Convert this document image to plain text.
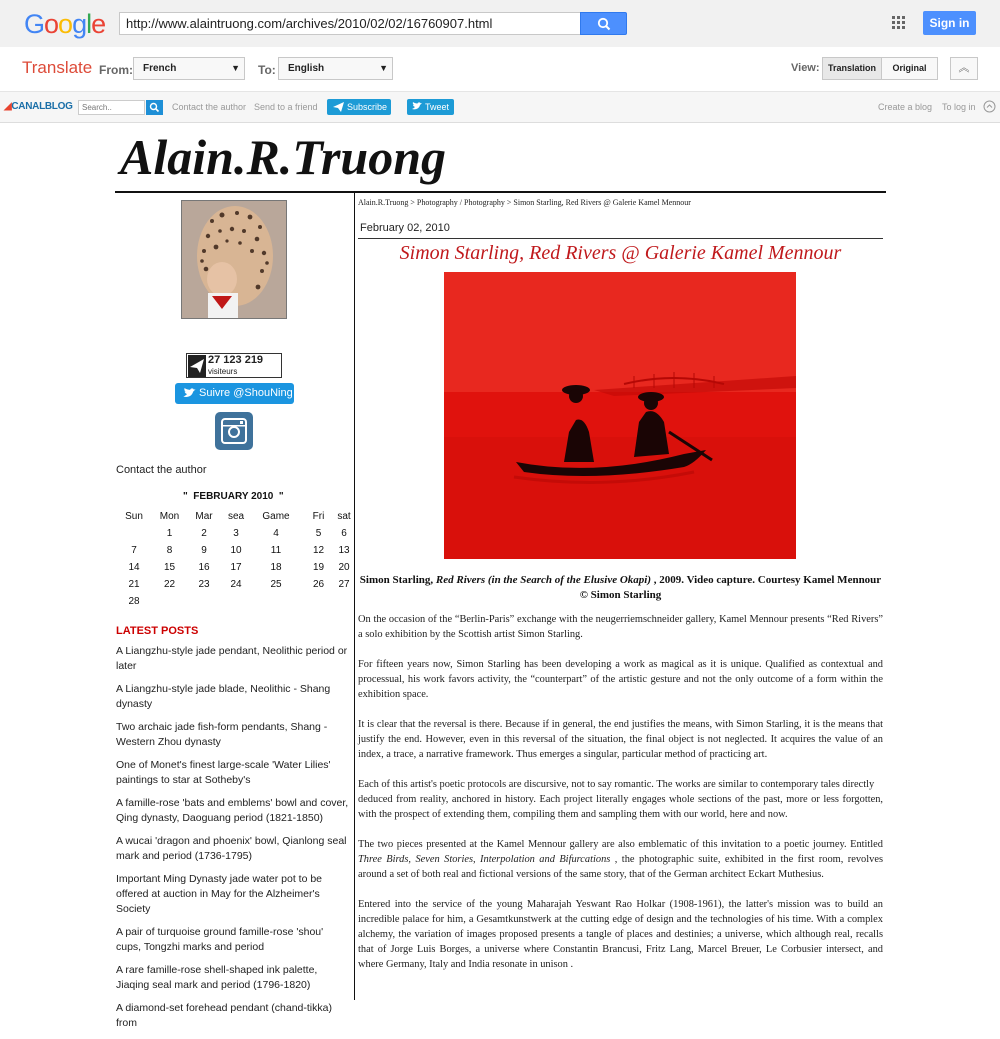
Google	http://www.alaintruong.com/archives/2010/02/02/16760907.html	Sign in
Translate From:	French	▼ To:	English	▼	View: Translation	Original	︽
◢CANALBLOG	Search..	Contact the author Send to a friend	Subscribe	Tweet	Create a blog To log in
Alain.R.Truong
27 123 219
visiteurs
Suivre @ShouNing
Contact the author
"  FEBRUARY 2010  "
Sun	Mon	Mar	sea	Game	Fri	sat
	1	2	3	4	5	6
7	8	9	10	11	12	13
14	15	16	17	18	19	20
21	22	23	24	25	26	27
28						
LATEST POSTS
A Liangzhu-style jade pendant, Neolithic period or later
A Liangzhu-style jade blade, Neolithic - Shang dynasty
Two archaic jade fish-form pendants, Shang - Western Zhou dynasty
One of Monet's finest large-scale 'Water Lilies' paintings to star at Sotheby's
A famille-rose 'bats and emblems' bowl and cover, Qing dynasty, Daoguang period (1821-1850)
A wucai 'dragon and phoenix' bowl, Qianlong seal mark and period (1736-1795)
Important Ming Dynasty jade water pot to be offered at auction in May for the Alzheimer's Society
A pair of turquoise ground famille-rose 'shou' cups, Tongzhi marks and period
A rare famille-rose shell-shaped ink palette, Jiaqing seal mark and period (1796-1820)
A diamond-set forehead pendant (chand-tikka) from
Alain.R.Truong > Photography / Photography > Simon Starling, Red Rivers @ Galerie Kamel Mennour
February 02, 2010
Simon Starling, Red Rivers @ Galerie Kamel Mennour
Simon Starling, Red Rivers (in the Search of the Elusive Okapi) , 2009. Video capture. Courtesy Kamel Mennour © Simon Starling

On the occasion of the “Berlin-Paris” exchange with the neugerriemschneider gallery, Kamel Mennour presents “Red Rivers” a solo exhibition by the Scottish artist Simon Starling.

For fifteen years now, Simon Starling has been developing a work as magical as it is unique. Qualified as contextual and processual, his work favors activity, the “counterpart” of the artistic gesture and not the only outcome of a form within the exhibition space.

It is clear that the reversal is there. Because if in general, the end justifies the means, with Simon Starling, it is the means that justify the end. However, even in this reversal of the situation, the final object is not neglected. It acquires the value of an index, a trace, a narrative framework. Thus emerges a singular, particular method of practicing art.

Each of this artist's poetic protocols are discursive, not to say romantic. The works are similar to contemporary tales directly
deduced from reality, anchored in history. Each project literally engages whole sections of the past, more or less forgotten, with the prospect of extending them, compiling them and sampling them with our world, here and now.

The two pieces presented at the Kamel Mennour gallery are also emblematic of this invitation to a poetic journey. Entitled Three Birds, Seven Stories, Interpolation and Bifurcations , the photographic suite, exhibited in the first room, revolves around a set of both real and fictional versions of the same story, that of the German architect Eckart Muthesius.

Entered into the service of the young Maharajah Yeswant Rao Holkar (1908-1961), the latter's mission was to build an incredible palace for him, a Gesamtkunstwerk at the cutting edge of design and the technologies of his time. With a complex alchemy, the variation of images proposed presents a tangle of places and destinies; a universe, which although real, recalls that of Jorge Luis Borges, a universe where Constantin Brancusi, Fritz Lang, Marcel Breuer, Le Corbusier intersect, and where Germany, Italy and India resonate in unison .
